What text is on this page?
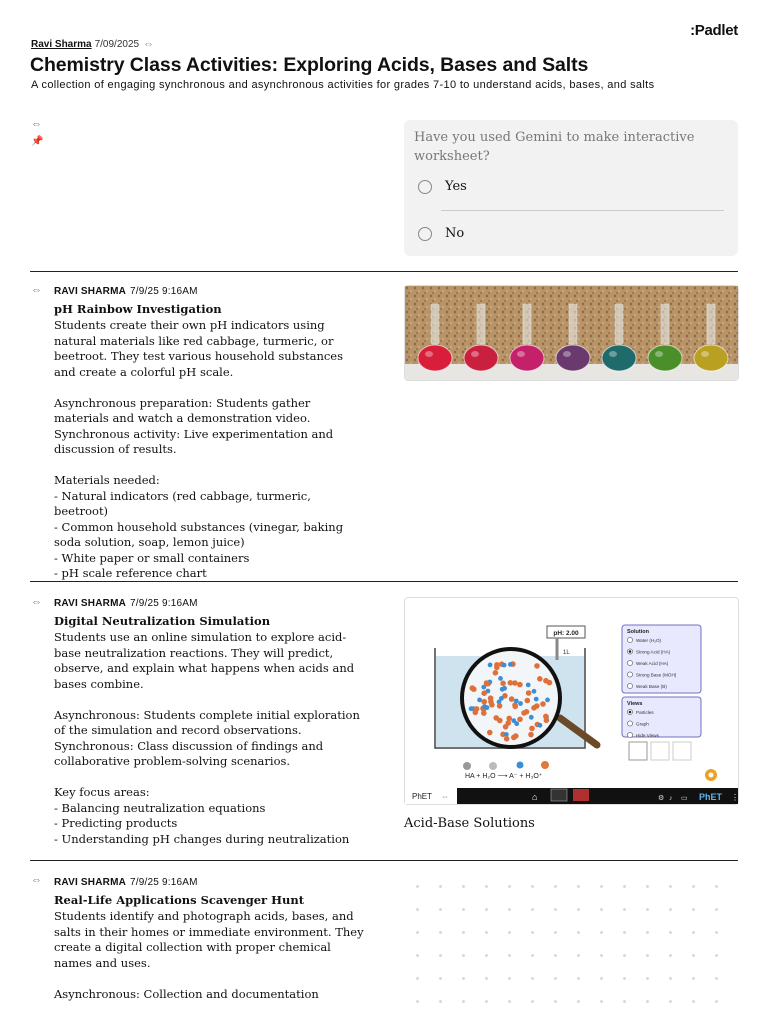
:Padlet
Ravi Sharma 7/09/2025 ⇔
Chemistry Class Activities: Exploring Acids, Bases and Salts
A collection of engaging synchronous and asynchronous activities for grades 7-10 to understand acids, bases, and salts
⇔
📌	Have you used Gemini to make interactive worksheet?
Yes
No
⇔ RAVI SHARMA 7/9/25 9:16AM
pH Rainbow Investigation
Students create their own pH indicators using natural materials like red cabbage, turmeric, or beetroot. They test various household substances and create a colorful pH scale.

Asynchronous preparation: Students gather materials and watch a demonstration video.
Synchronous activity: Live experimentation and discussion of results.

Materials needed:
- Natural indicators (red cabbage, turmeric, beetroot)
- Common household substances (vinegar, baking soda solution, soap, lemon juice)
- White paper or small containers
- pH scale reference chart
⇔ RAVI SHARMA 7/9/25 9:16AM
Digital Neutralization Simulation
Students use an online simulation to explore acid-base neutralization reactions. They will predict, observe, and explain what happens when acids and bases combine.

Asynchronous: Students complete initial exploration of the simulation and record observations.
Synchronous: Class discussion of findings and collaborative problem-solving scenarios.

Key focus areas:
- Balancing neutralization equations
- Predicting products
- Understanding pH changes during neutralization
pH: 2.00
1L
HA + H₂O ⟶ A⁻ + H₃O⁺
Solution
Water (H₂O)
Strong Acid (HA)
Weak Acid (HA)
Strong Base (MOH)
Weak Base (B)
Views
Particles
Graph
Hide Views
PhET ⇔	⌂	⚙ ♪ ▭ PhET ⋮
Acid-Base Solutions
⇔ RAVI SHARMA 7/9/25 9:16AM
Real-Life Applications Scavenger Hunt
Students identify and photograph acids, bases, and salts in their homes or immediate environment. They create a digital collection with proper chemical names and uses.

Asynchronous: Collection and documentation
